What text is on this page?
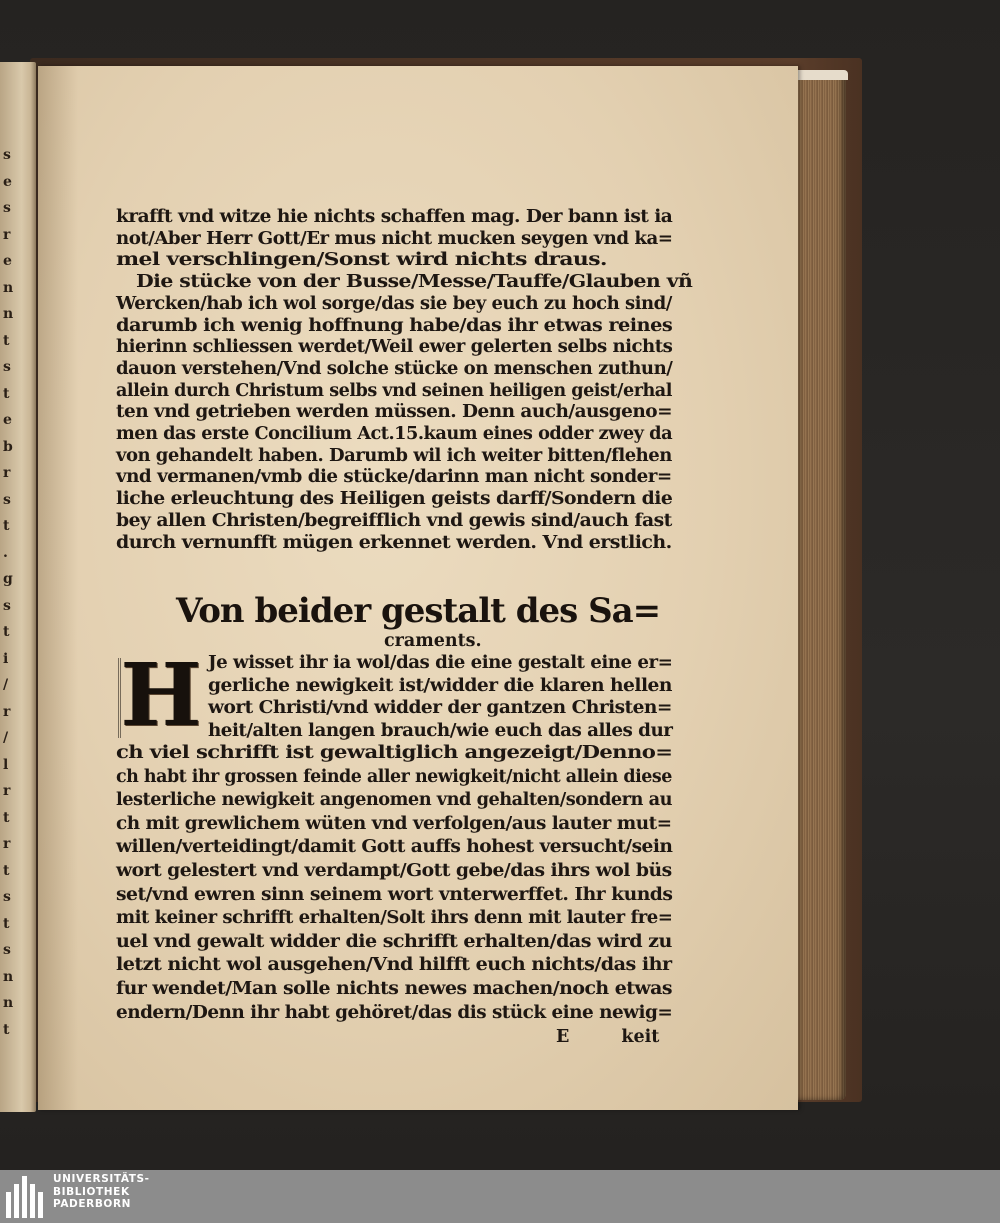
s
e
s
r
e
n
n
t
s
t
e
b
r
s
t
.
g
s
t
i
/
r
/
l
r
t
r
t
s
t
s
n
n
t
krafft vnd witze hie nichts schaffen mag. Der bann ist ia
not/Aber Herr Gott/Er mus nicht mucken seygen vnd ka=
mel verschlingen/Sonst wird nichts draus.
Die stücke von der Busse/Messe/Tauffe/Glauben vñ
Wercken/hab ich wol sorge/das sie bey euch zu hoch sind/
darumb ich wenig hoffnung habe/das ihr etwas reines
hierinn schliessen werdet/Weil ewer gelerten selbs nichts
dauon verstehen/Vnd solche stücke on menschen zuthun/
allein durch Christum selbs vnd seinen heiligen geist/erhal
ten vnd getrieben werden müssen. Denn auch/ausgeno=
men das erste Concilium Act.15.kaum eines odder zwey da
von gehandelt haben. Darumb wil ich weiter bitten/flehen
vnd vermanen/vmb die stücke/darinn man nicht sonder=
liche erleuchtung des Heiligen geists darff/Sondern die
bey allen Christen/begreifflich vnd gewis sind/auch fast
durch vernunfft mügen erkennet werden. Vnd erstlich.
Von beider gestalt des Sa=
craments.
H Je wisset ihr ia wol/das die eine gestalt eine er=
gerliche newigkeit ist/widder die klaren hellen
wort Christi/vnd widder der gantzen Christen=
heit/alten langen brauch/wie euch das alles dur
ch viel schrifft ist gewaltiglich angezeigt/Denno=
ch habt ihr grossen feinde aller newigkeit/nicht allein diese
lesterliche newigkeit angenomen vnd gehalten/sondern au
ch mit grewlichem wüten vnd verfolgen/aus lauter mut=
willen/verteidingt/damit Gott auffs hohest versucht/sein
wort gelestert vnd verdampt/Gott gebe/das ihrs wol büs
set/vnd ewren sinn seinem wort vnterwerffet. Ihr kunds
mit keiner schrifft erhalten/Solt ihrs denn mit lauter fre=
uel vnd gewalt widder die schrifft erhalten/das wird zu
letzt nicht wol ausgehen/Vnd hilfft euch nichts/das ihr
fur wendet/Man solle nichts newes machen/noch etwas
endern/Denn ihr habt gehöret/das dis stück eine newig=
E	keit
UNIVERSITÄTS-
BIBLIOTHEK
PADERBORN
